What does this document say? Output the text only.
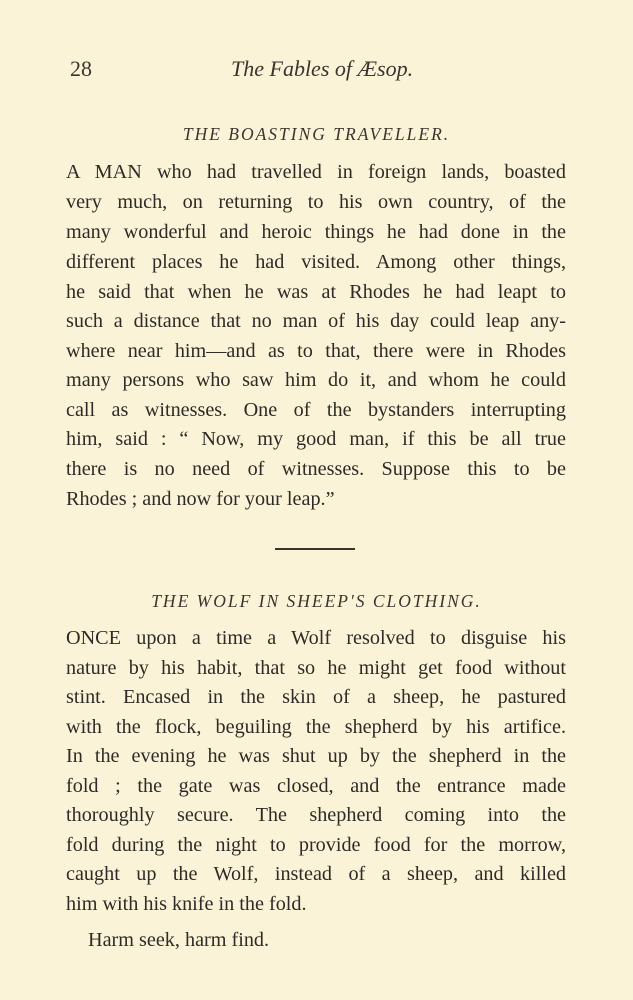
28	The Fables of Æsop.
THE BOASTING TRAVELLER.
A MAN who had travelled in foreign lands, boasted
very much, on returning to his own country, of the
many wonderful and heroic things he had done in the
different places he had visited. Among other things,
he said that when he was at Rhodes he had leapt to
such a distance that no man of his day could leap any-
where near him—and as to that, there were in Rhodes
many persons who saw him do it, and whom he could
call as witnesses. One of the bystanders interrupting
him, said : “ Now, my good man, if this be all true
there is no need of witnesses. Suppose this to be
Rhodes ; and now for your leap.”
THE WOLF IN SHEEP'S CLOTHING.
ONCE upon a time a Wolf resolved to disguise his
nature by his habit, that so he might get food without
stint. Encased in the skin of a sheep, he pastured
with the flock, beguiling the shepherd by his artifice.
In the evening he was shut up by the shepherd in the
fold ; the gate was closed, and the entrance made
thoroughly secure. The shepherd coming into the
fold during the night to provide food for the morrow,
caught up the Wolf, instead of a sheep, and killed
him with his knife in the fold.
Harm seek, harm find.
